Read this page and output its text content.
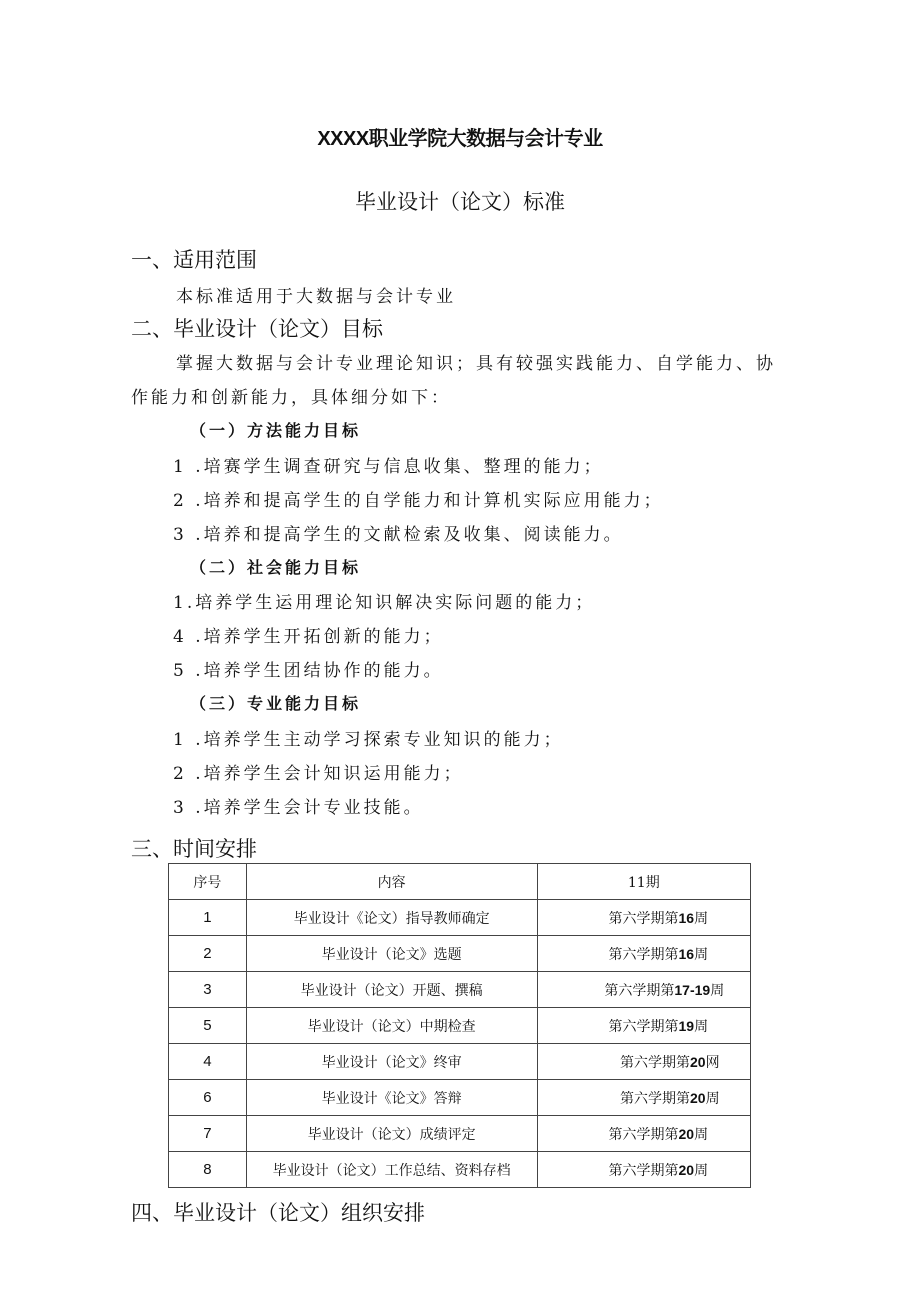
XXXX职业学院大数据与会计专业
毕业设计（论文）标准
一、适用范围
本标准适用于大数据与会计专业
二、毕业设计（论文）目标
掌握大数据与会计专业理论知识；具有较强实践能力、自学能力、协
作能力和创新能力，具体细分如下：
（一）方法能力目标
1 .培赛学生调查研究与信息收集、整理的能力；
2 .培养和提高学生的自学能力和计算机实际应用能力；
3 .培养和提高学生的文献检索及收集、阅读能力。
（二）社会能力目标
1.培养学生运用理论知识解决实际问题的能力；
4 .培养学生开拓创新的能力；
5 .培养学生团结协作的能力。
（三）专业能力目标
1 .培养学生主动学习探索专业知识的能力；
2 .培养学生会计知识运用能力；
3 .培养学生会计专业技能。
三、时间安排
序号	内容	11期
1	毕业设计《论文）指导教师确定	第六学期第16周
2	毕业设计（论文》选题	第六学期第16周
3	毕业设计（论文）开题、撰稿	第六学期第17-19周
5	毕业设计（论文）中期检查	第六学期第19周
4	毕业设计（论文》终审	第六学期第20网
6	毕业设计《论文》答辩	第六学期第20周
7	毕业设计（论文）成绩评定	第六学期第20周
8	毕业设计（论文）工作总结、资料存档	第六学期第20周
四、毕业设计（论文）组织安排
